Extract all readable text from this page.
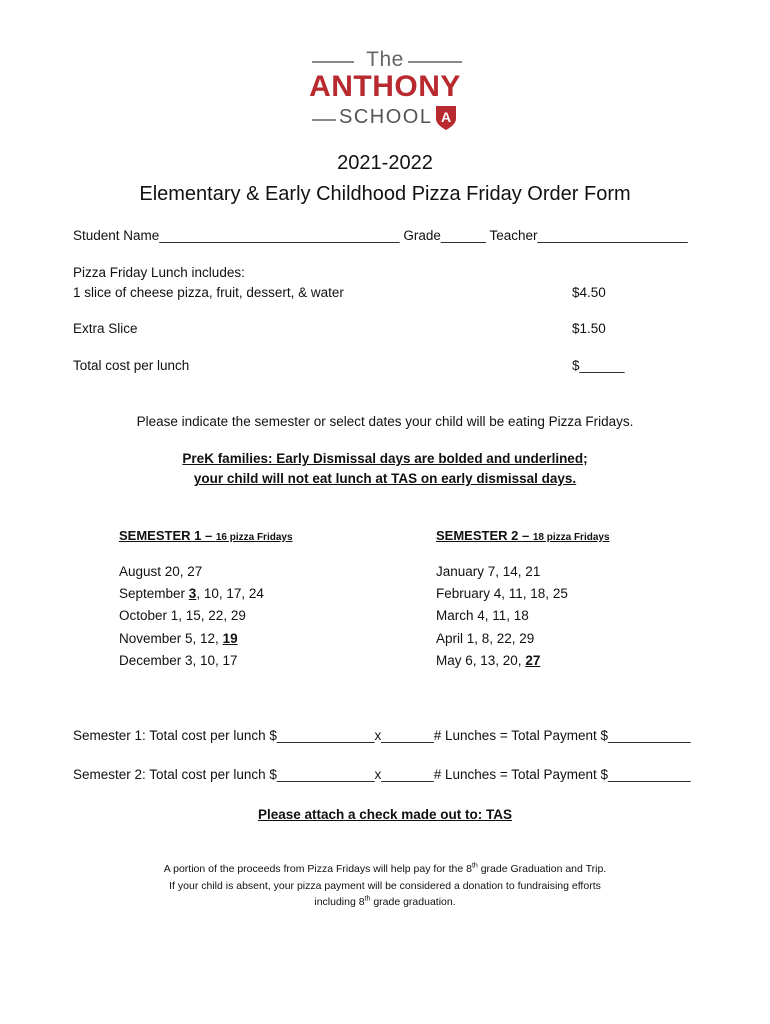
The
ANTHONY
SCHOOL A
2021-2022
Elementary & Early Childhood Pizza Friday Order Form
Student Name________________________________ Grade______ Teacher____________________
Pizza Friday Lunch includes:
1 slice of cheese pizza, fruit, dessert, & water	$4.50
Extra Slice	$1.50
Total cost per lunch	$______
Please indicate the semester or select dates your child will be eating Pizza Fridays.
PreK families: Early Dismissal days are bolded and underlined;
your child will not eat lunch at TAS on early dismissal days.
SEMESTER 1 – 16 pizza Fridays
August 20, 27
September 3, 10, 17, 24
October 1, 15, 22, 29
November 5, 12, 19
December 3, 10, 17
SEMESTER 2 – 18 pizza Fridays
January 7, 14, 21
February 4, 11, 18, 25
March 4, 11, 18
April 1, 8, 22, 29
May 6, 13, 20, 27
Semester 1: Total cost per lunch $_____________x_______# Lunches = Total Payment $___________
Semester 2: Total cost per lunch $_____________x_______# Lunches = Total Payment $___________
Please attach a check made out to: TAS
A portion of the proceeds from Pizza Fridays will help pay for the 8th grade Graduation and Trip.
If your child is absent, your pizza payment will be considered a donation to fundraising efforts
including 8th grade graduation.
